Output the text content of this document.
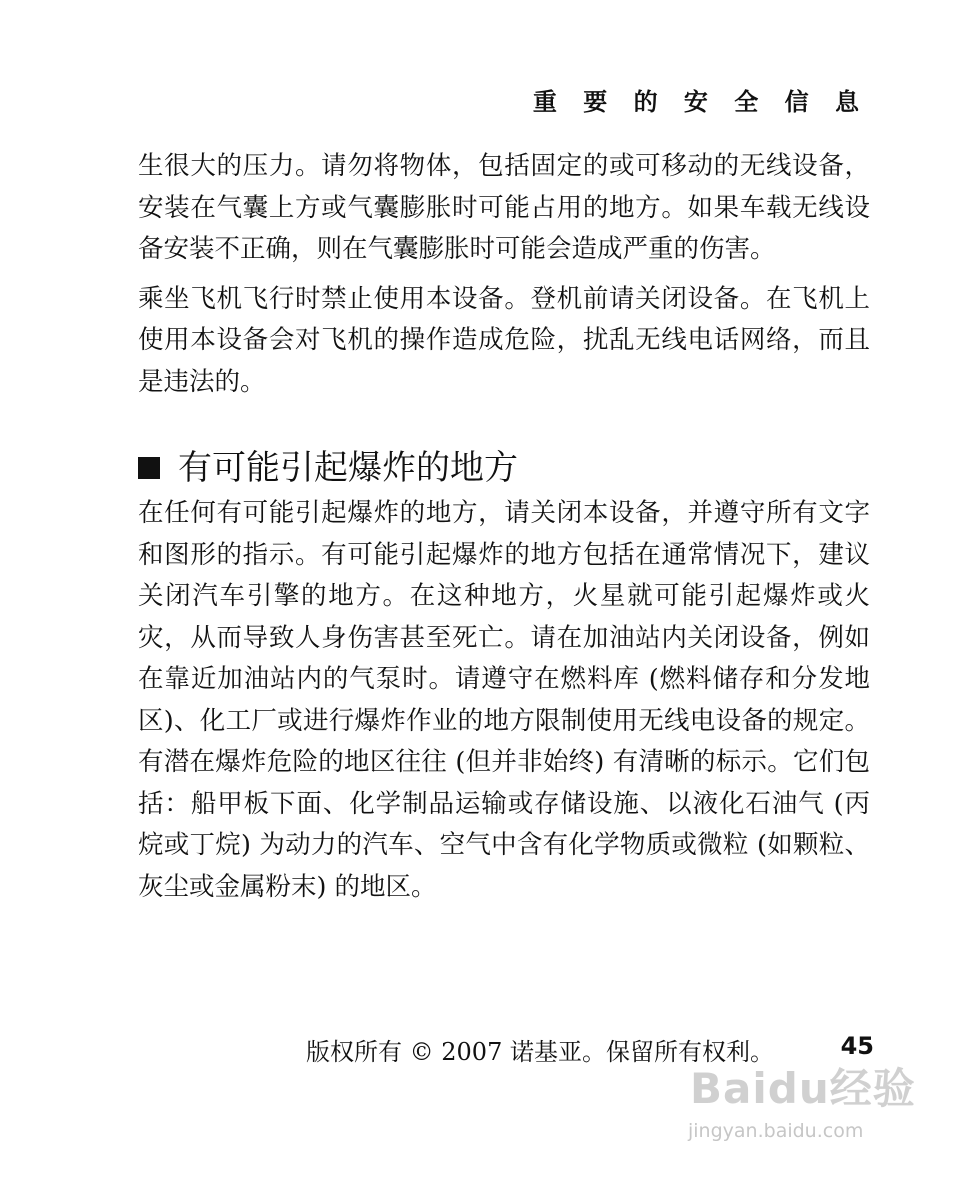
重 要 的 安 全 信 息

生很大的压力。请勿将物体，包括固定的或可移动的无线设备，安装在气囊上方或气囊膨胀时可能占用的地方。如果车载无线设备安装不正确，则在气囊膨胀时可能会造成严重的伤害。

乘坐飞机飞行时禁止使用本设备。登机前请关闭设备。在飞机上使用本设备会对飞机的操作造成危险，扰乱无线电话网络，而且是违法的。

有可能引起爆炸的地方

在任何有可能引起爆炸的地方，请关闭本设备，并遵守所有文字和图形的指示。有可能引起爆炸的地方包括在通常情况下，建议关闭汽车引擎的地方。在这种地方，火星就可能引起爆炸或火灾，从而导致人身伤害甚至死亡。请在加油站内关闭设备，例如在靠近加油站内的气泵时。请遵守在燃料库 (燃料储存和分发地区)、化工厂或进行爆炸作业的地方限制使用无线电设备的规定。有潜在爆炸危险的地区往往 (但并非始终) 有清晰的标示。它们包括：船甲板下面、化学制品运输或存储设施、以液化石油气 (丙烷或丁烷) 为动力的汽车、空气中含有化学物质或微粒 (如颗粒、灰尘或金属粉末) 的地区。

版权所有 © 2007 诺基亚。保留所有权利。	45
Baidu经验
jingyan.baidu.com
